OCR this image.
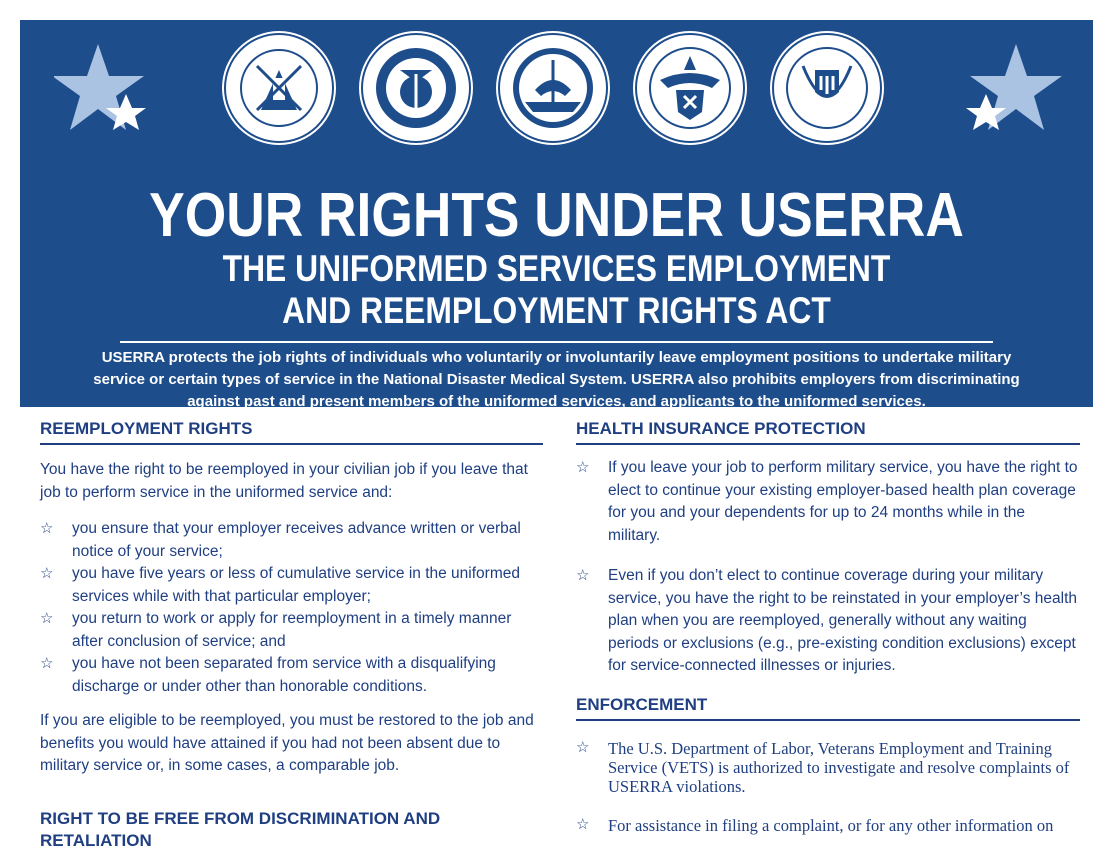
YOUR RIGHTS UNDER USERRA
THE UNIFORMED SERVICES EMPLOYMENT
AND REEMPLOYMENT RIGHTS ACT
USERRA protects the job rights of individuals who voluntarily or involuntarily leave employment positions to undertake military service or certain types of service in the National Disaster Medical System. USERRA also prohibits employers from discriminating against past and present members of the uniformed services, and applicants to the uniformed services.
REEMPLOYMENT RIGHTS

You have the right to be reemployed in your civilian job if you leave that job to perform service in the uniformed service and:

☆ you ensure that your employer receives advance written or verbal notice of your service;
☆ you have five years or less of cumulative service in the uniformed services while with that particular employer;
☆ you return to work or apply for reemployment in a timely manner after conclusion of service; and
☆ you have not been separated from service with a disqualifying discharge or under other than honorable conditions.

If you are eligible to be reemployed, you must be restored to the job and benefits you would have attained if you had not been absent due to military service or, in some cases, a comparable job.

RIGHT TO BE FREE FROM DISCRIMINATION AND RETALIATION
HEALTH INSURANCE PROTECTION
☆ If you leave your job to perform military service, you have the right to elect to continue your existing employer-based health plan coverage for you and your dependents for up to 24 months while in the military.
☆ Even if you don’t elect to continue coverage during your military service, you have the right to be reinstated in your employer’s health plan when you are reemployed, generally without any waiting periods or exclusions (e.g., pre-existing condition exclusions) except for service-connected illnesses or injuries.
ENFORCEMENT
☆ The U.S. Department of Labor, Veterans Employment and Training Service (VETS) is authorized to investigate and resolve complaints of USERRA violations.
☆ For assistance in filing a complaint, or for any other information on
